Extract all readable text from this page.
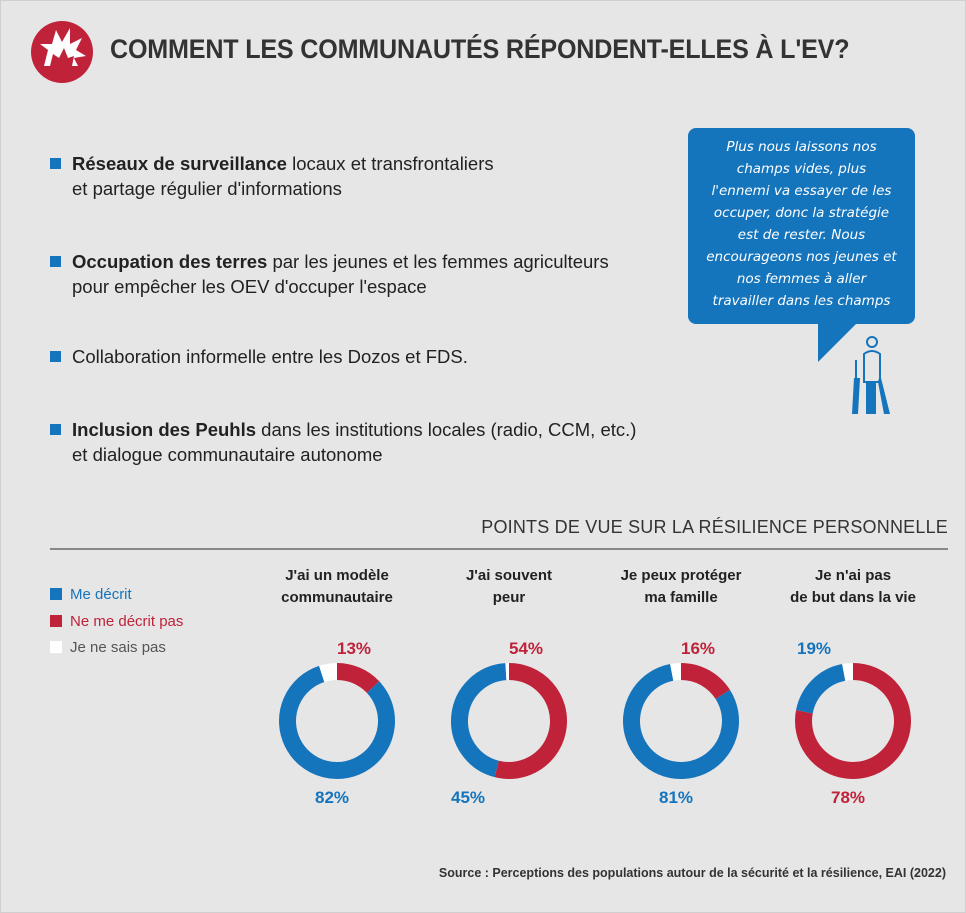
COMMENT LES COMMUNAUTÉS RÉPONDENT-ELLES À L'EV?
Réseaux de surveillance locaux et transfrontaliers
et partage régulier d'informations
Occupation des terres par les jeunes et les femmes agriculteurs
pour empêcher les OEV d'occuper l'espace
Collaboration informelle entre les Dozos et FDS.
Inclusion des Peuhls dans les institutions locales (radio, CCM, etc.)
et dialogue communautaire autonome
Plus nous laissons nos
champs vides, plus
l'ennemi va essayer de les
occuper, donc la stratégie
est de rester. Nous
encourageons nos jeunes et
nos femmes à aller
travailler dans les champs
POINTS DE VUE SUR LA RÉSILIENCE PERSONNELLE
Me décrit
Ne me décrit pas
Je ne sais pas
J'ai un modèle
communautaire
13%
82%
J'ai souvent
peur
54%
45%
Je peux protéger
ma famille
16%
81%
Je n'ai pas
de but dans la vie
19%
78%
Source : Perceptions des populations autour de la sécurité et la résilience, EAI (2022)
